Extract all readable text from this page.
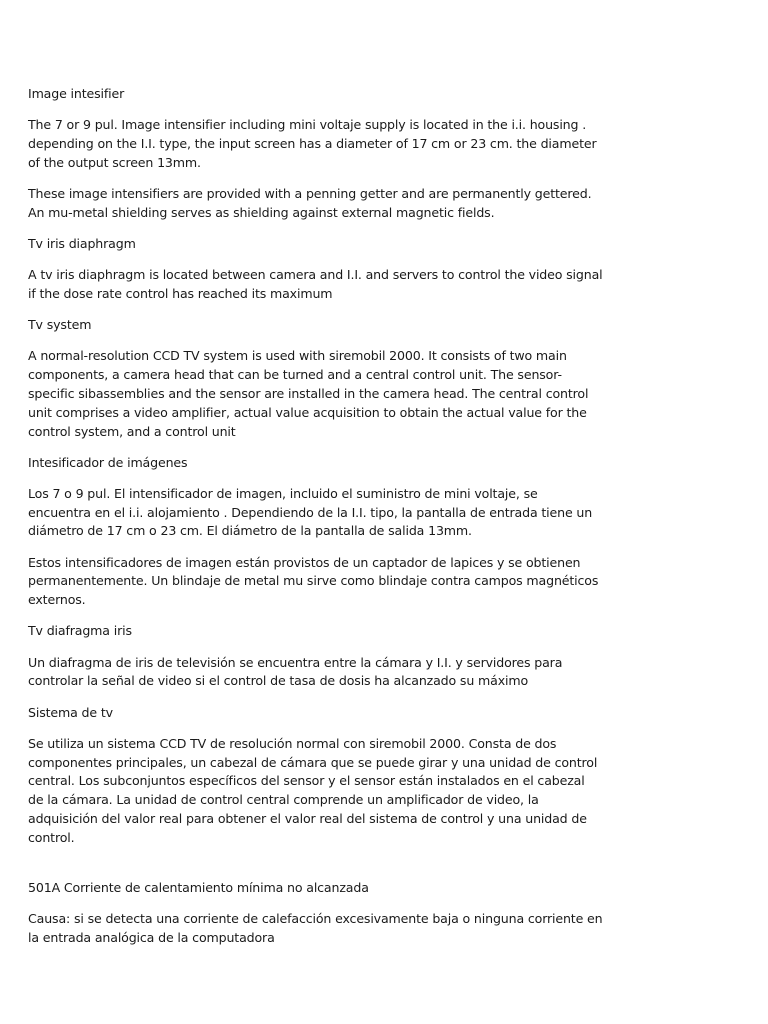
Image intesifier

The 7 or 9 pul. Image intensifier including mini voltaje supply is located in the i.i. housing . depending on the I.I. type, the input screen has a diameter of 17 cm or 23 cm. the diameter of the output screen 13mm.

These image intensifiers are provided with a penning getter and are permanently gettered. An mu-metal shielding serves as shielding against external magnetic fields.

Tv iris diaphragm

A tv iris diaphragm is located between camera and I.I. and servers to control the video signal if the dose rate control has reached its maximum

Tv system

A normal-resolution CCD TV system is used with siremobil 2000. It consists of two main components, a camera head that can be turned and a central control unit. The sensor-specific sibassemblies and the sensor are installed in the camera head. The central control unit comprises a video amplifier, actual value acquisition to obtain the actual value for the control system, and a control unit

Intesificador de imágenes

Los 7 o 9 pul. El intensificador de imagen, incluido el suministro de mini voltaje, se encuentra en el i.i. alojamiento . Dependiendo de la I.I. tipo, la pantalla de entrada tiene un diámetro de 17 cm o 23 cm. El diámetro de la pantalla de salida 13mm.

Estos intensificadores de imagen están provistos de un captador de lapices y se obtienen permanentemente. Un blindaje de metal mu sirve como blindaje contra campos magnéticos externos.

Tv diafragma iris

Un diafragma de iris de televisión se encuentra entre la cámara y I.I. y servidores para controlar la señal de video si el control de tasa de dosis ha alcanzado su máximo

Sistema de tv

Se utiliza un sistema CCD TV de resolución normal con siremobil 2000. Consta de dos componentes principales, un cabezal de cámara que se puede girar y una unidad de control central. Los subconjuntos específicos del sensor y el sensor están instalados en el cabezal de la cámara. La unidad de control central comprende un amplificador de video, la adquisición del valor real para obtener el valor real del sistema de control y una unidad de control.

501A Corriente de calentamiento mínima no alcanzada

Causa: si se detecta una corriente de calefacción excesivamente baja o ninguna corriente en la entrada analógica de la computadora
